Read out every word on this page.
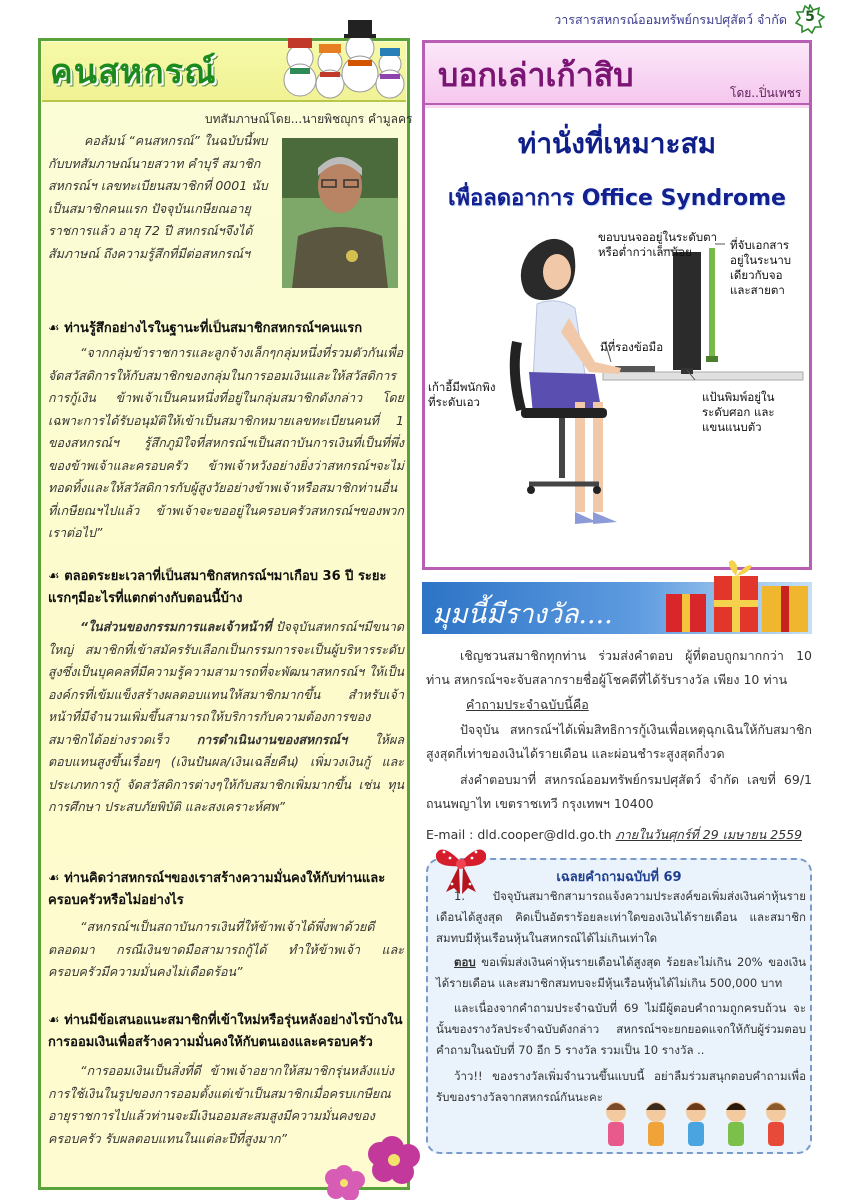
วารสารสหกรณ์ออมทรัพย์กรมปศุสัตว์ จำกัด	5
คนสหกรณ์
บทสัมภาษณ์โดย...นายพิชญุกร คำมูลคร
คอลัมน์ “คนสหกรณ์” ในฉบับนี้พบกับบทสัมภาษณ์นายสวาท คำบุรี สมาชิกสหกรณ์ฯ เลขทะเบียนสมาชิกที่ 0001 นับเป็นสมาชิกคนแรก ปัจจุบันเกษียณอายุราชการแล้ว อายุ 72 ปี สหกรณ์ฯจึงได้สัมภาษณ์ ถึงความรู้สึกที่มีต่อสหกรณ์ฯ
☙ ท่านรู้สึกอย่างไรในฐานะที่เป็นสมาชิกสหกรณ์ฯคนแรก
“จากกลุ่มข้าราชการและลูกจ้างเล็กๆกลุ่มหนึ่งที่รวมตัวกันเพื่อจัดสวัสดิการให้กับสมาชิกของกลุ่มในการออมเงินและให้สวัสดิการการกู้เงิน ข้าพเจ้าเป็นคนหนึ่งที่อยู่ในกลุ่มสมาชิกดังกล่าว โดยเฉพาะการได้รับอนุมัติให้เข้าเป็นสมาชิกหมายเลขทะเบียนคนที่ 1 ของสหกรณ์ฯ รู้สึกภูมิใจที่สหกรณ์ฯเป็นสถาบันการเงินที่เป็นที่พึ่งของข้าพเจ้าและครอบครัว ข้าพเจ้าหวังอย่างยิ่งว่าสหกรณ์ฯจะไม่ทอดทิ้งและให้สวัสดิการกับผู้สูงวัยอย่างข้าพเจ้าหรือสมาชิกท่านอื่นที่เกษียณฯไปแล้ว ข้าพเจ้าจะขออยู่ในครอบครัวสหกรณ์ฯของพวกเราต่อไป”
☙ ตลอดระยะเวลาที่เป็นสมาชิกสหกรณ์ฯมาเกือบ 36 ปี ระยะแรกๆมีอะไรที่แตกต่างกับตอนนี้บ้าง
“ในส่วนของกรรมการและเจ้าหน้าที่ ปัจจุบันสหกรณ์ฯมีขนาดใหญ่ สมาชิกที่เข้าสมัครรับเลือกเป็นกรรมการจะเป็นผู้บริหารระดับสูงซึ่งเป็นบุคคลที่มีความรู้ความสามารถที่จะพัฒนาสหกรณ์ฯ ให้เป็นองค์กรที่เข้มแข็งสร้างผลตอบแทนให้สมาชิกมากขึ้น สำหรับเจ้าหน้าที่มีจำนวนเพิ่มขึ้นสามารถให้บริการกับความต้องการของสมาชิกได้อย่างรวดเร็ว การดำเนินงานของสหกรณ์ฯ ให้ผลตอบแทนสูงขึ้นเรื่อยๆ (เงินปันผล/เงินเฉลี่ยคืน) เพิ่มวงเงินกู้ และประเภทการกู้ จัดสวัสดิการต่างๆให้กับสมาชิกเพิ่มมากขึ้น เช่น ทุนการศึกษา ประสบภัยพิบัติ และสงเคราะห์ศพ”
☙ ท่านคิดว่าสหกรณ์ฯของเราสร้างความมั่นคงให้กับท่านและครอบครัวหรือไม่อย่างไร
“สหกรณ์ฯเป็นสถาบันการเงินที่ให้ข้าพเจ้าได้พึ่งพาด้วยดีตลอดมา กรณีเงินขาดมือสามารถกู้ได้ ทำให้ข้าพเจ้า และครอบครัวมีความมั่นคงไม่เดือดร้อน”
☙ ท่านมีข้อเสนอแนะสมาชิกที่เข้าใหม่หรือรุ่นหลังอย่างไรบ้างในการออมเงินเพื่อสร้างความมั่นคงให้กับตนเองและครอบครัว
“การออมเงินเป็นสิ่งที่ดี ข้าพเจ้าอยากให้สมาชิกรุ่นหลังแบ่งการใช้เงินในรูปของการออมตั้งแต่เข้าเป็นสมาชิกเมื่อครบเกษียณอายุราชการไปแล้วท่านจะมีเงินออมสะสมสูงมีความมั่นคงของครอบครัว รับผลตอบแทนในแต่ละปีที่สูงมาก”
บอกเล่าเก้าสิบ	โดย..ปิ่นเพชร
ท่านั่งที่เหมาะสม
เพื่อลดอาการ Office Syndrome
ขอบบนจออยู่ในระดับตา
หรือต่ำกว่าเล็กน้อย	ที่จับเอกสาร
อยู่ในระนาบ
เดียวกับจอ
และสายตา
มีที่รองข้อมือ
เก้าอี้มีพนักพิง
ที่ระดับเอว	แป้นพิมพ์อยู่ใน
ระดับศอก และ
แขนแนบตัว
มุมนี้มีรางวัล....
เชิญชวนสมาชิกทุกท่าน ร่วมส่งคำตอบ ผู้ที่ตอบถูกมากกว่า 10 ท่าน สหกรณ์ฯจะจับสลากรายชื่อผู้โชคดีที่ได้รับรางวัล เพียง 10 ท่าน
คำถามประจำฉบับนี้คือ
ปัจจุบัน สหกรณ์ฯได้เพิ่มสิทธิการกู้เงินเพื่อเหตุฉุกเฉินให้กับสมาชิกสูงสุดกี่เท่าของเงินได้รายเดือน และผ่อนชำระสูงสุดกี่งวด
ส่งคำตอบมาที่ สหกรณ์ออมทรัพย์กรมปศุสัตว์ จำกัด เลขที่ 69/1 ถนนพญาไท เขตราชเทวี กรุงเทพฯ 10400
E-mail : dld.cooper@dld.go.th ภายในวันศุกร์ที่ 29 เมษายน 2559
เฉลยคำถามฉบับที่ 69
1. ปัจจุบันสมาชิกสามารถแจ้งความประสงค์ขอเพิ่มส่งเงินค่าหุ้นรายเดือนได้สูงสุด คิดเป็นอัตราร้อยละเท่าใดของเงินได้รายเดือน และสมาชิกสมทบมีหุ้นเรือนหุ้นในสหกรณ์ได้ไม่เกินเท่าใด
ตอบ ขอเพิ่มส่งเงินค่าหุ้นรายเดือนได้สูงสุด ร้อยละไม่เกิน 20% ของเงินได้รายเดือน และสมาชิกสมทบจะมีหุ้นเรือนหุ้นได้ไม่เกิน 500,000 บาท
และเนื่องจากคำถามประจำฉบับที่ 69 ไม่มีผู้ตอบคำถามถูกครบถ้วน จะนั้นของรางวัลประจำฉบับดังกล่าว สหกรณ์ฯจะยกยอดแจกให้กับผู้ร่วมตอบคำถามในฉบับที่ 70 อีก 5 รางวัล รวมเป็น 10 รางวัล ..
ว้าว!! ของรางวัลเพิ่มจำนวนขึ้นแบบนี้ อย่าลืมร่วมสนุกตอบคำถามเพื่อรับของรางวัลจากสหกรณ์กันนะคะ
